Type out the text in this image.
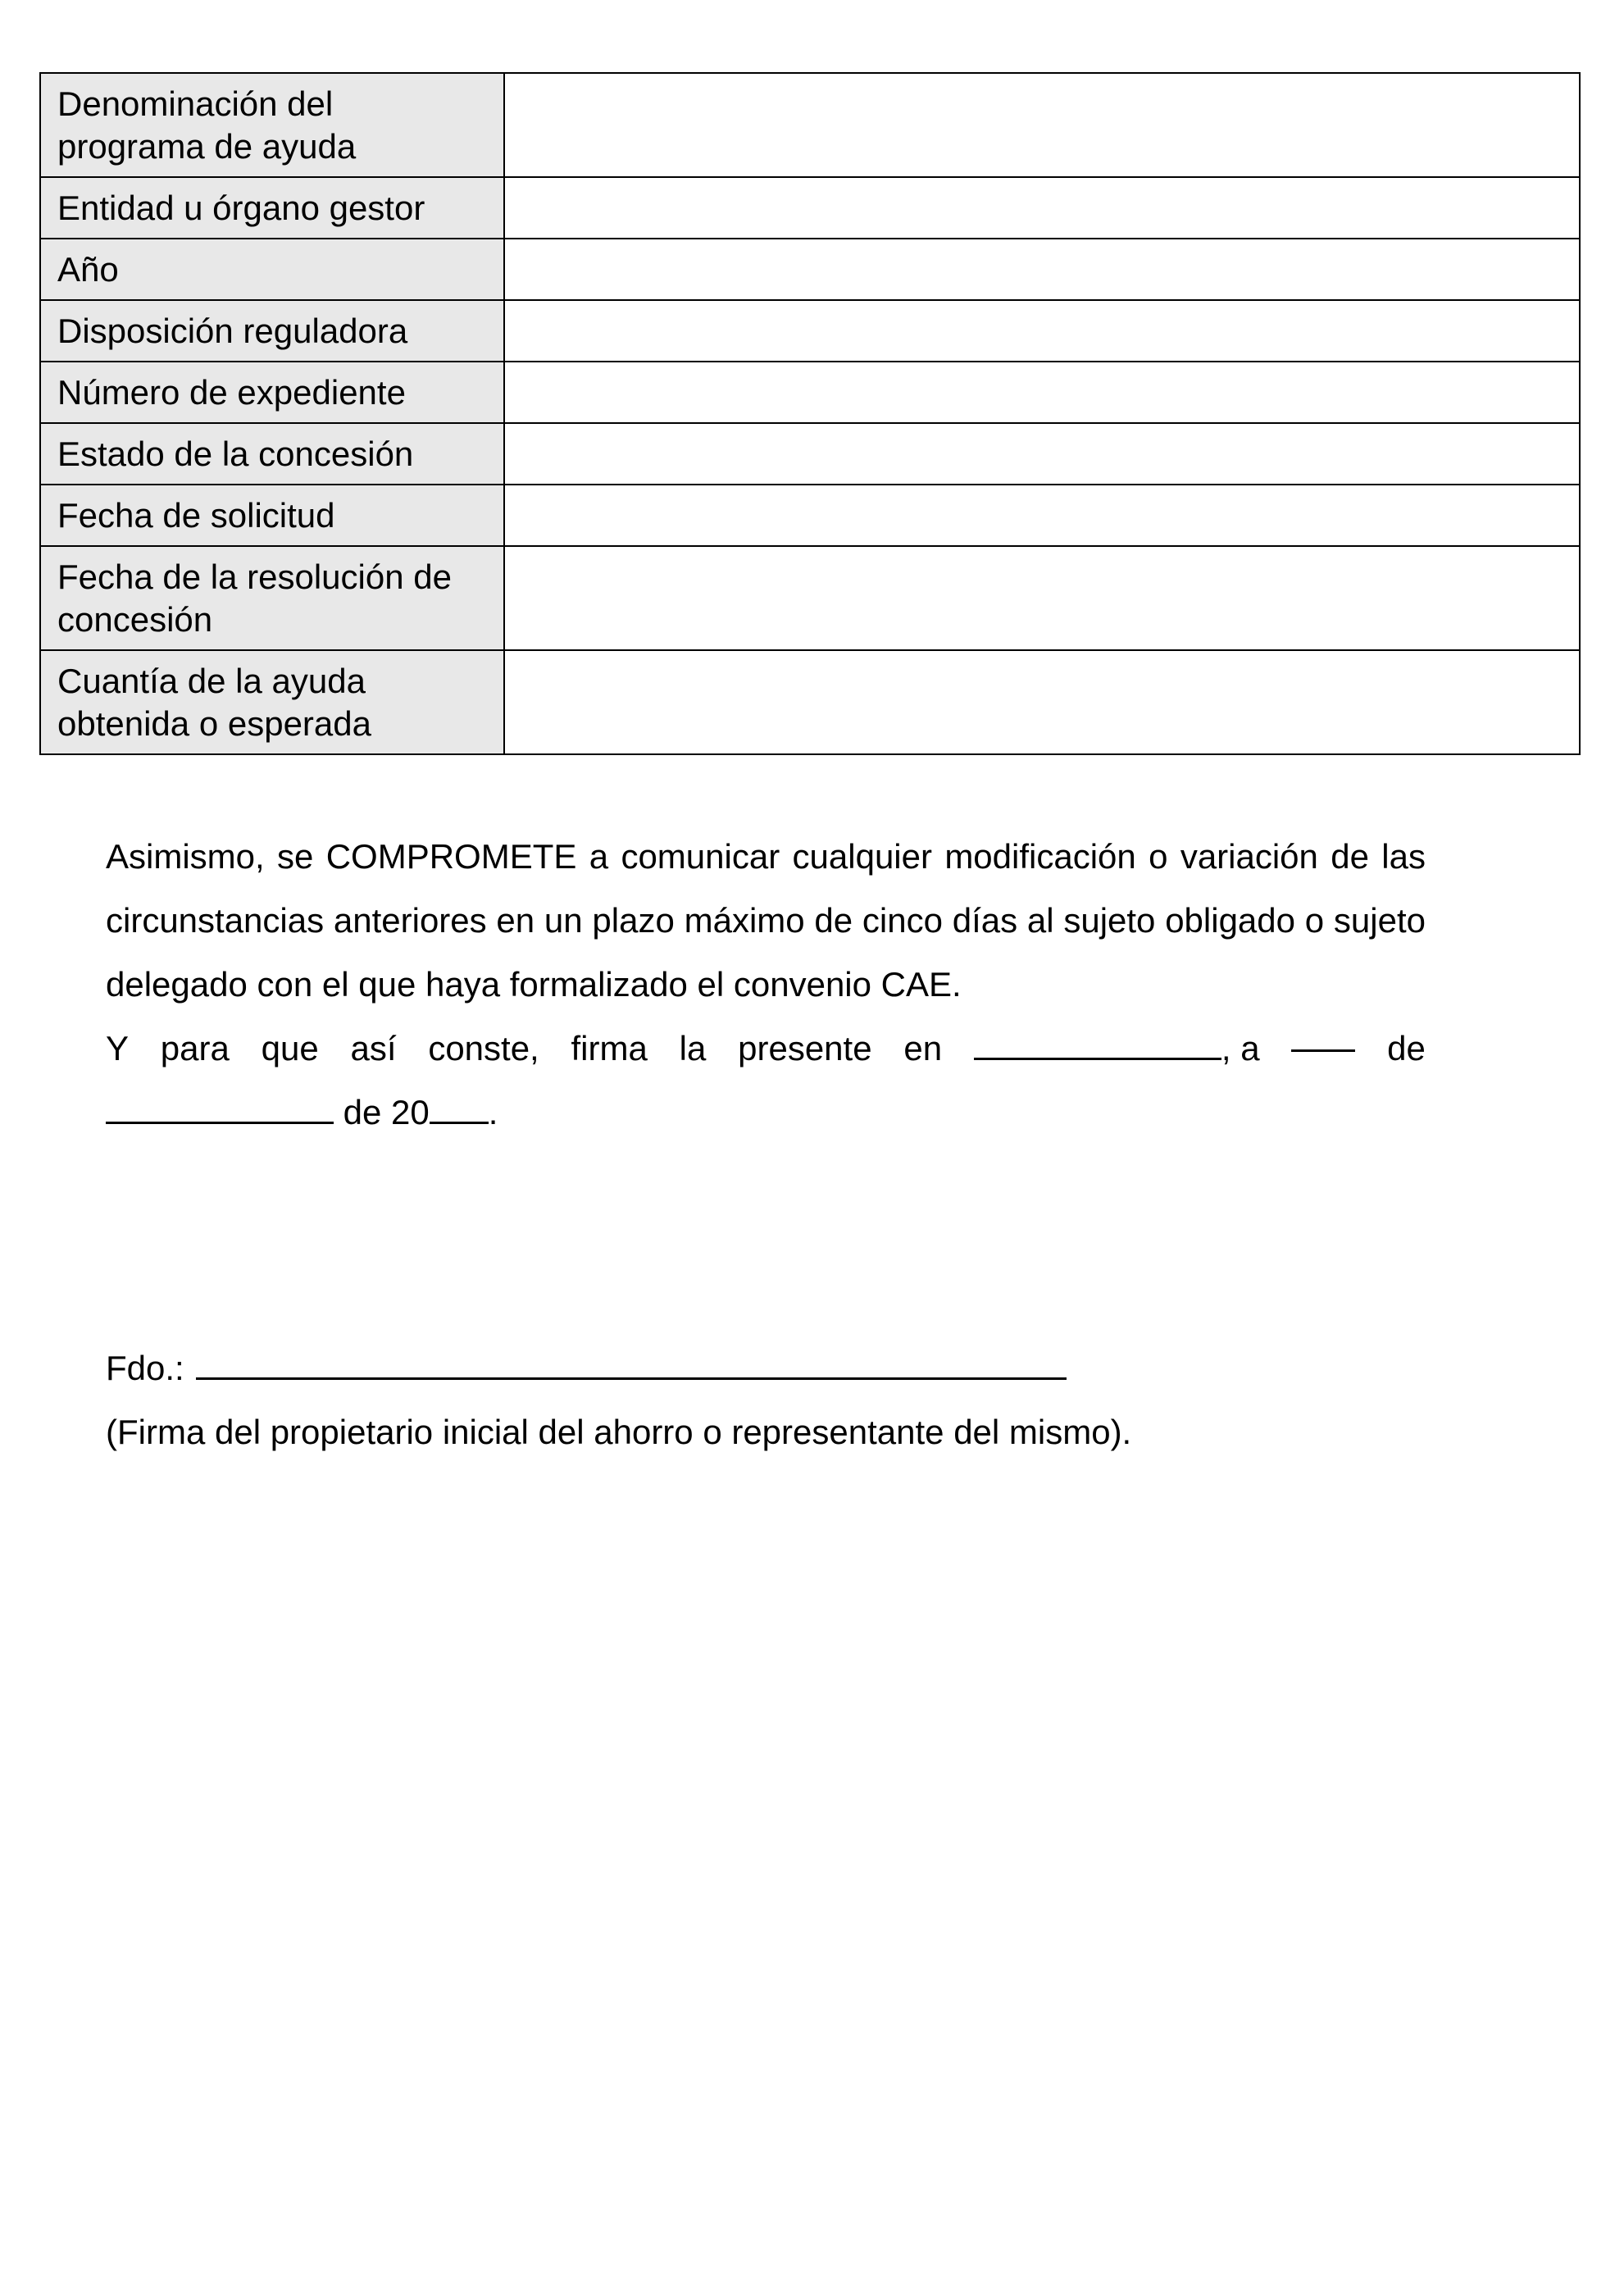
Denominación del programa de ayuda	
Entidad u órgano gestor	
Año	
Disposición reguladora	
Número de expediente	
Estado de la concesión	
Fecha de solicitud	
Fecha de la resolución de concesión	
Cuantía de la ayuda obtenida o esperada	

Asimismo, se COMPROMETE a comunicar cualquier modificación o variación de las circunstancias anteriores en un plazo máximo de cinco días al sujeto obligado o sujeto delegado con el que haya formalizado el convenio CAE.

Y para que así conste, firma la presente en	, a	de
de 20 .
Fdo.:
(Firma del propietario inicial del ahorro o representante del mismo).
